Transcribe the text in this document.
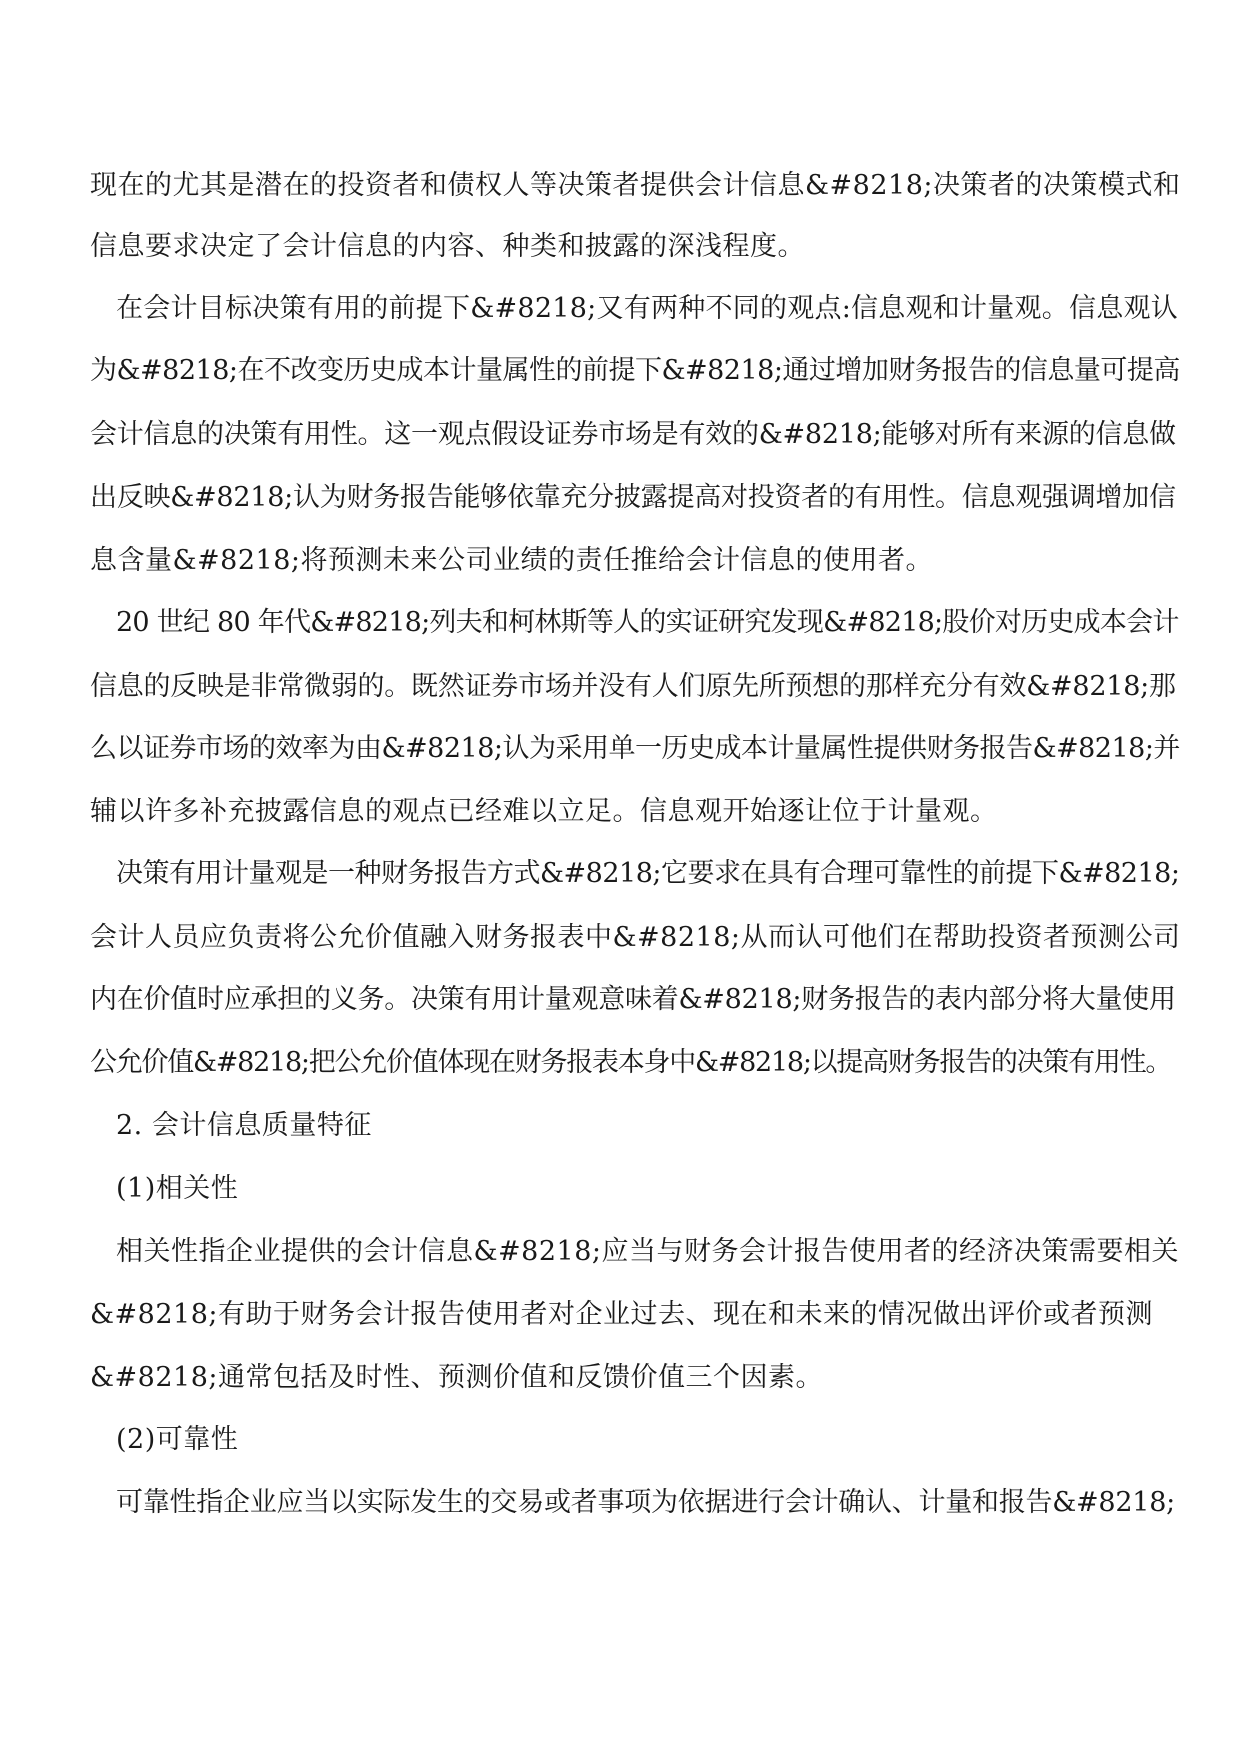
现在的尤其是潜在的投资者和债权人等决策者提供会计信息&#8218;决策者的决策模式和
信息要求决定了会计信息的内容、种类和披露的深浅程度。
在会计目标决策有用的前提下&#8218;又有两种不同的观点:信息观和计量观。信息观认
为&#8218;在不改变历史成本计量属性的前提下&#8218;通过增加财务报告的信息量可提高
会计信息的决策有用性。这一观点假设证券市场是有效的&#8218;能够对所有来源的信息做
出反映&#8218;认为财务报告能够依靠充分披露提高对投资者的有用性。信息观强调增加信
息含量&#8218;将预测未来公司业绩的责任推给会计信息的使用者。
20 世纪 80 年代&#8218;列夫和柯林斯等人的实证研究发现&#8218;股价对历史成本会计
信息的反映是非常微弱的。既然证券市场并没有人们原先所预想的那样充分有效&#8218;那
么以证券市场的效率为由&#8218;认为采用单一历史成本计量属性提供财务报告&#8218;并
辅以许多补充披露信息的观点已经难以立足。信息观开始逐让位于计量观。
决策有用计量观是一种财务报告方式&#8218;它要求在具有合理可靠性的前提下&#8218;
会计人员应负责将公允价值融入财务报表中&#8218;从而认可他们在帮助投资者预测公司
内在价值时应承担的义务。决策有用计量观意味着&#8218;财务报告的表内部分将大量使用
公允价值&#8218;把公允价值体现在财务报表本身中&#8218;以提高财务报告的决策有用性。
2. 会计信息质量特征
(1)相关性
相关性指企业提供的会计信息&#8218;应当与财务会计报告使用者的经济决策需要相关
&#8218;有助于财务会计报告使用者对企业过去、现在和未来的情况做出评价或者预测
&#8218;通常包括及时性、预测价值和反馈价值三个因素。
(2)可靠性
可靠性指企业应当以实际发生的交易或者事项为依据进行会计确认、计量和报告&#8218;
